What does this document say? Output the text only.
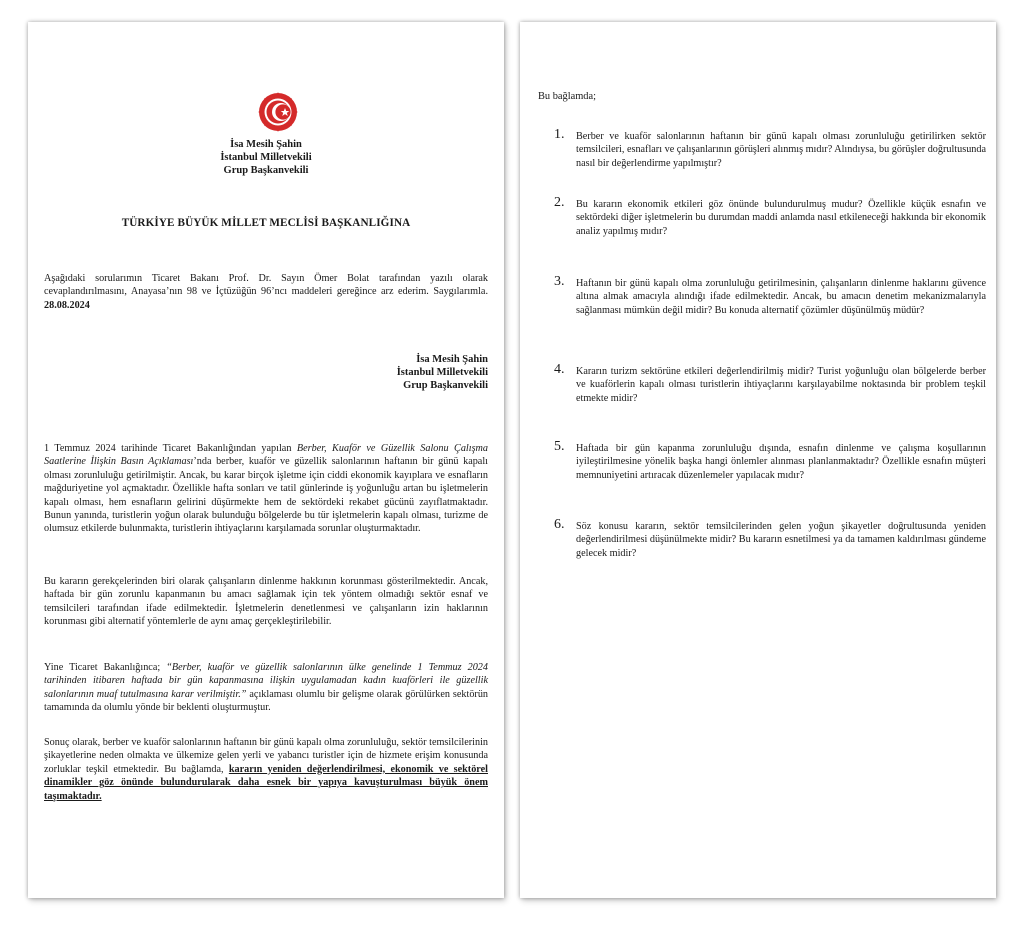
İsa Mesih Şahin
İstanbul Milletvekili
Grup Başkanvekili
TÜRKİYE BÜYÜK MİLLET MECLİSİ BAŞKANLIĞINA

Aşağıdaki sorularımın Ticaret Bakanı Prof. Dr. Sayın Ömer Bolat tarafından yazılı olarak cevaplandırılmasını, Anayasa’nın 98 ve İçtüzüğün 96’ncı maddeleri gereğince arz ederim. Saygılarımla. 28.08.2024

İsa Mesih Şahin
İstanbul Milletvekili
Grup Başkanvekili

1 Temmuz 2024 tarihinde Ticaret Bakanlığından yapılan Berber, Kuaför ve Güzellik Salonu Çalışma Saatlerine İlişkin Basın Açıklaması’nda berber, kuaför ve güzellik salonlarının haftanın bir günü kapalı olması zorunluluğu getirilmiştir. Ancak, bu karar birçok işletme için ciddi ekonomik kayıplara ve esnafların mağduriyetine yol açmaktadır. Özellikle hafta sonları ve tatil günlerinde iş yoğunluğu artan bu işletmelerin kapalı olması, hem esnafların gelirini düşürmekte hem de sektördeki rekabet gücünü zayıflatmaktadır. Bunun yanında, turistlerin yoğun olarak bulunduğu bölgelerde bu tür işletmelerin kapalı olması, turizme de olumsuz etkilerde bulunmakta, turistlerin ihtiyaçlarını karşılamada sorunlar oluşturmaktadır.

Bu kararın gerekçelerinden biri olarak çalışanların dinlenme hakkının korunması gösterilmektedir. Ancak, haftada bir gün zorunlu kapanmanın bu amacı sağlamak için tek yöntem olmadığı sektör esnaf ve temsilcileri tarafından ifade edilmektedir. İşletmelerin denetlenmesi ve çalışanların izin haklarının korunması gibi alternatif yöntemlerle de aynı amaç gerçekleştirilebilir.

Yine Ticaret Bakanlığınca; “Berber, kuaför ve güzellik salonlarının ülke genelinde 1 Temmuz 2024 tarihinden itibaren haftada bir gün kapanmasına ilişkin uygulamadan kadın kuaförleri ile güzellik salonlarının muaf tutulmasına karar verilmiştir.” açıklaması olumlu bir gelişme olarak görülürken sektörün tamamında da olumlu yönde bir beklenti oluşturmuştur.

Sonuç olarak, berber ve kuaför salonlarının haftanın bir günü kapalı olma zorunluluğu, sektör temsilcilerinin şikayetlerine neden olmakta ve ülkemize gelen yerli ve yabancı turistler için de hizmete erişim konusunda zorluklar teşkil etmektedir. Bu bağlamda, kararın yeniden değerlendirilmesi, ekonomik ve sektörel dinamikler göz önünde bulundurularak daha esnek bir yapıya kavuşturulması büyük önem taşımaktadır.

Bu bağlamda;
1. Berber ve kuaför salonlarının haftanın bir günü kapalı olması zorunluluğu getirilirken sektör temsilcileri, esnafları ve çalışanlarının görüşleri alınmış mıdır? Alındıysa, bu görüşler doğrultusunda nasıl bir değerlendirme yapılmıştır?

2. Bu kararın ekonomik etkileri göz önünde bulundurulmuş mudur? Özellikle küçük esnafın ve sektördeki diğer işletmelerin bu durumdan maddi anlamda nasıl etkileneceği hakkında bir ekonomik analiz yapılmış mıdır?

3. Haftanın bir günü kapalı olma zorunluluğu getirilmesinin, çalışanların dinlenme haklarını güvence altına almak amacıyla alındığı ifade edilmektedir. Ancak, bu amacın denetim mekanizmalarıyla sağlanması mümkün değil midir? Bu konuda alternatif çözümler düşünülmüş müdür?

4. Kararın turizm sektörüne etkileri değerlendirilmiş midir? Turist yoğunluğu olan bölgelerde berber ve kuaförlerin kapalı olması turistlerin ihtiyaçlarını karşılayabilme noktasında bir problem teşkil etmekte midir?

5. Haftada bir gün kapanma zorunluluğu dışında, esnafın dinlenme ve çalışma koşullarının iyileştirilmesine yönelik başka hangi önlemler alınması planlanmaktadır? Özellikle esnafın müşteri memnuniyetini artıracak düzenlemeler yapılacak mıdır?

6. Söz konusu kararın, sektör temsilcilerinden gelen yoğun şikayetler doğrultusunda yeniden değerlendirilmesi düşünülmekte midir? Bu kararın esnetilmesi ya da tamamen kaldırılması gündeme gelecek midir?
